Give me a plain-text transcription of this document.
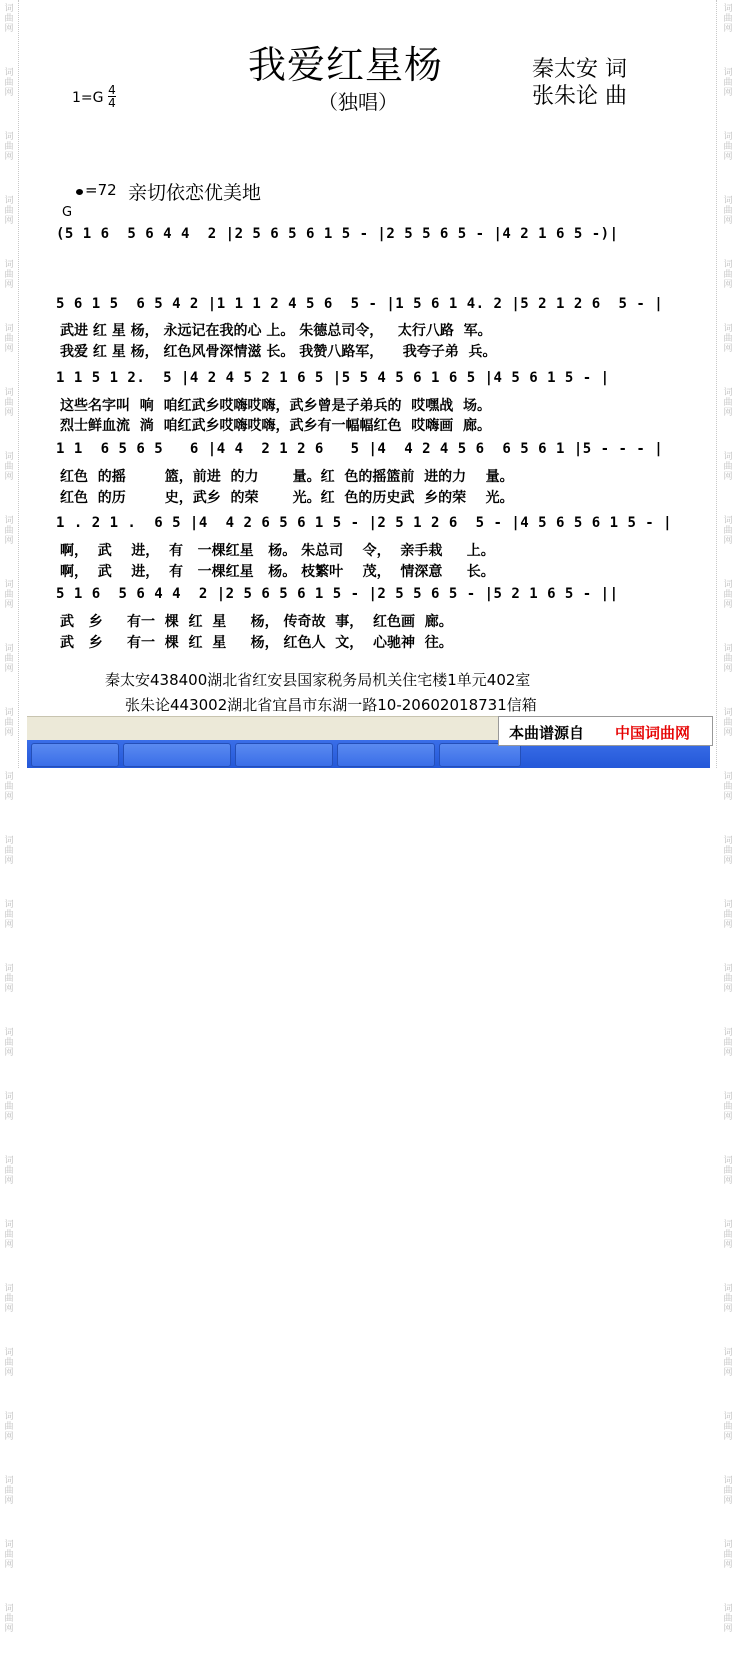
词
曲
网
词
曲
网
词
曲
网
词
曲
网
词
曲
网
词
曲
网
词
曲
网
词
曲
网
词
曲
网
词
曲
网
词
曲
网
词
曲
网
词
曲
网
词
曲
网
词
曲
网
词
曲
网
词
曲
网
词
曲
网
词
曲
网
词
曲
网
词
曲
网
词
曲
网
词
曲
网
词
曲
网
词
曲
网
词
曲
网
词
曲
网
词
曲
网
词
曲
网
词
曲
网
词
曲
网
词
曲
网
词
曲
网
词
曲
网
词
曲
网
词
曲
网
词
曲
网
词
曲
网
词
曲
网
词
曲
网
词
曲
网
词
曲
网
词
曲
网
词
曲
网
词
曲
网
词
曲
网
词
曲
网
词
曲
网
词
曲
网
词
曲
网
词
曲
网
词
曲
网
我爱红星杨
（独唱）
秦太安 词
张朱论 曲
1=G 4
4
=72 亲切依恋优美地
G
(5 1 6  5 6 4 4  2 |2 5 6 5 6 1 5 - |2 5 5 6 5 - |4 2 1 6 5 -)|
5 6 1 5  6 5 4 2 |1 1 1 2 4 5 6  5 - |1 5 6 1 4. 2 |5 2 1 2 6  5 - |
武进 红 星 杨， 永远记在我的心 上。 朱德总司令，   太行八路  军。
我爱 红 星 杨， 红色风骨深情滋 长。 我赞八路军，    我夸子弟  兵。
1 1 5 1 2.  5 |4 2 4 5 2 1 6 5 |5 5 4 5 6 1 6 5 |4 5 6 1 5 - |
这些名字叫  响  咱红武乡哎嗨哎嗨，武乡曾是子弟兵的  哎嘿战  场。
烈士鲜血流  淌  咱红武乡哎嗨哎嗨，武乡有一幅幅红色  哎嗨画  廊。
1 1  6 5 6 5   6 |4 4  2 1 2 6   5 |4  4 2 4 5 6  6 5 6 1 |5 - - - |
红色  的摇        篮，前进  的力       量。红  色的摇篮前  进的力    量。
红色  的历        史，武乡  的荣       光。红  色的历史武  乡的荣    光。
1 . 2 1 .  6 5 |4  4 2 6 5 6 1 5 - |2 5 1 2 6  5 - |4 5 6 5 6 1 5 - |
啊，  武    进，  有   一棵红星   杨。 朱总司    令，  亲手栽     上。
啊，  武    进，  有   一棵红星   杨。 枝繁叶    茂，  情深意     长。
5 1 6  5 6 4 4  2 |2 5 6 5 6 1 5 - |2 5 5 6 5 - |5 2 1 6 5 - ||
武   乡     有一  棵  红  星     杨， 传奇故  事，  红色画  廊。
武   乡     有一  棵  红  星     杨， 红色人  文，  心驰神  往。
秦太安438400湖北省红安县国家税务局机关住宅楼1单元402室
张朱论443002湖北省宜昌市东湖一路10-20602018731信箱
本曲谱源自 中国词曲网
